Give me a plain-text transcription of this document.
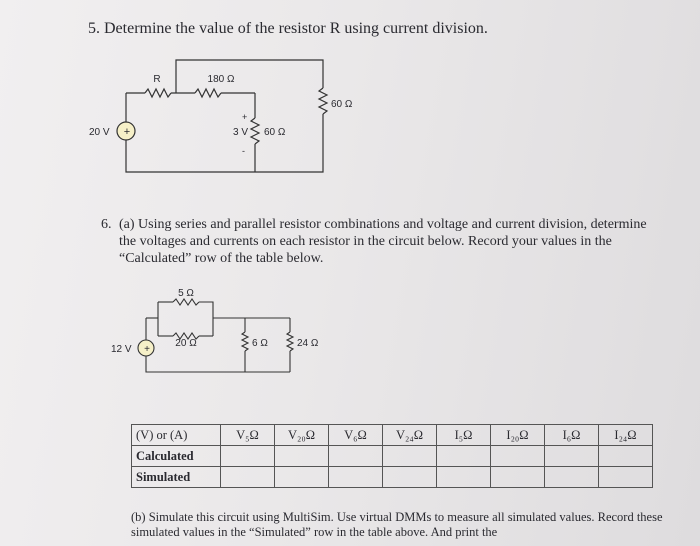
5. Determine the value of the resistor R using current division.
+
R	180 Ω
60 Ω
60 Ω
20 V	3 V
+
-
+
5 Ω
20 Ω	6 Ω	24 Ω
12 V
6. (a) Using series and parallel resistor combinations and voltage and current division, determine the voltages and currents on each resistor in the circuit below. Record your values in the “Calculated” row of the table below.
(V) or (A)	V₅Ω	V₂₀Ω	V₆Ω	V₂₄Ω	I₅Ω	I₂₀Ω	I₆Ω	I₂₄Ω
Calculated								
Simulated								
(b) Simulate this circuit using MultiSim. Use virtual DMMs to measure all simulated values. Record these simulated values in the “Simulated” row in the table above. And print the
